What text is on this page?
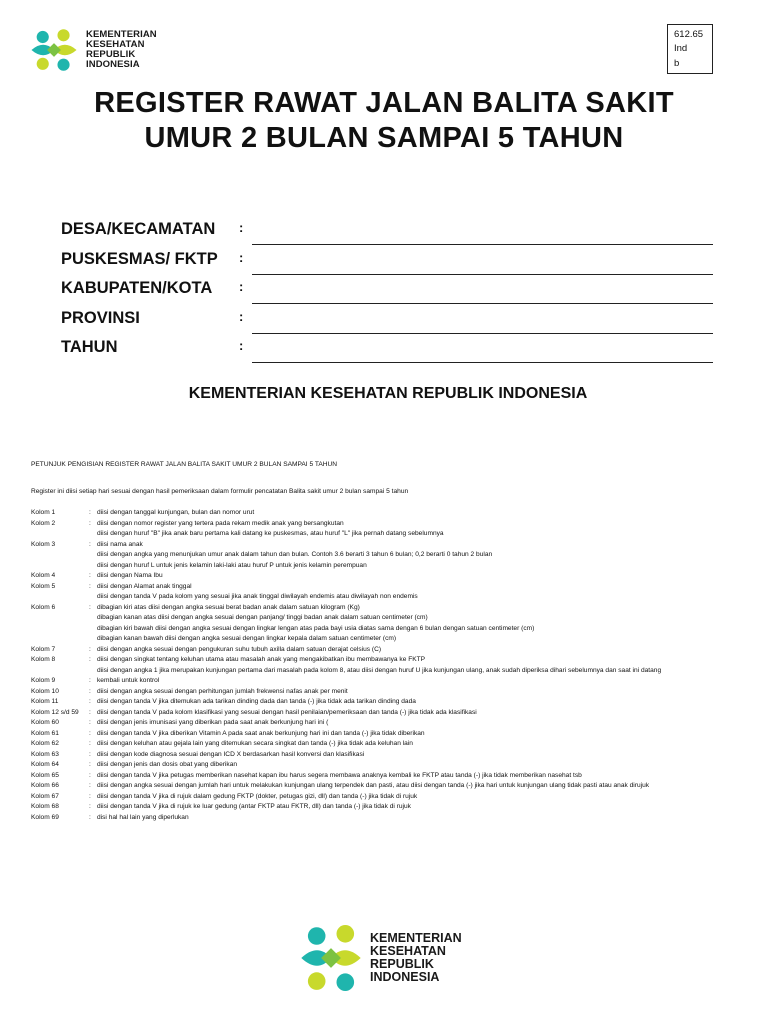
KEMENTERIAN
KESEHATAN
REPUBLIK
INDONESIA
612.65
Ind
b
REGISTER RAWAT JALAN BALITA SAKIT
UMUR 2 BULAN SAMPAI 5 TAHUN
DESA/KECAMATAN :
PUSKESMAS/ FKTP :
KABUPATEN/KOTA :
PROVINSI	:
TAHUN	:
KEMENTERIAN KESEHATAN REPUBLIK INDONESIA
PETUNJUK PENGISIAN REGISTER RAWAT JALAN BALITA SAKIT UMUR 2 BULAN SAMPAI 5 TAHUN
Register ini diisi setiap hari sesuai dengan hasil pemeriksaan dalam formulir pencatatan Balita sakit umur 2 bulan sampai 5 tahun
Kolom 1	: diisi dengan tanggal kunjungan, bulan dan nomor urut
Kolom 2	: diisi dengan nomor register yang tertera pada rekam medik anak yang bersangkutan
diisi dengan huruf "B" jika anak baru pertama kali datang ke puskesmas, atau huruf "L" jika pernah datang sebelumnya
Kolom 3	: diisi nama anak
diisi dengan angka yang menunjukan umur anak dalam tahun dan bulan. Contoh 3.6 berarti 3 tahun 6 bulan; 0,2 berarti 0 tahun 2 bulan
diisi dengan huruf L untuk jenis kelamin laki-laki atau huruf P untuk jenis kelamin perempuan
Kolom 4	: diisi dengan Nama Ibu
Kolom 5	: diisi dengan Alamat anak tinggal
diisi dengan tanda V pada kolom yang sesuai jika anak tinggal diwilayah endemis atau diwilayah non endemis
Kolom 6	: dibagian kiri atas diisi dengan angka sesuai berat badan anak dalam satuan kilogram (Kg)
dibagian kanan atas diisi dengan angka sesuai dengan panjang/ tinggi badan anak dalam satuan centimeter (cm)
dibagian kiri bawah diisi dengan angka sesuai dengan lingkar lengan atas pada bayi usia diatas sama dengan 6 bulan dengan satuan centimeter (cm)
dibagian kanan bawah diisi dengan angka sesuai dengan lingkar kepala dalam satuan centimeter (cm)
Kolom 7	: diisi dengan angka sesuai dengan pengukuran suhu tubuh axilla dalam satuan derajat celsius (C)
Kolom 8	: diisi dengan singkat tentang keluhan utama atau masalah anak yang mengakibatkan ibu membawanya ke FKTP
diisi dengan angka 1 jika merupakan kunjungan pertama dari masalah pada kolom 8, atau diisi dengan huruf U jika kunjungan ulang, anak sudah diperiksa dihari sebelumnya dan saat ini datang
Kolom 9	: kembali untuk kontrol
Kolom 10	: diisi dengan angka sesuai dengan perhitungan jumlah frekwensi nafas anak per menit
Kolom 11	: diisi dengan tanda V jika ditemukan ada tarikan dinding dada dan tanda (-) jika tidak ada tarikan dinding dada
Kolom 12 s/d 59 : diisi dengan tanda V pada kolom klasifikasi yang sesuai dengan hasil penilaian/pemeriksaan dan tanda (-) jika tidak ada klasifikasi
Kolom 60	: diisi dengan jenis imunisasi yang diberikan pada saat anak berkunjung hari ini (
Kolom 61	: diisi dengan tanda V jika diberikan Vitamin A pada saat anak berkunjung hari ini dan tanda (-) jika tidak diberikan
Kolom 62	: diisi dengan keluhan atau gejala lain yang ditemukan secara singkat dan tanda (-) jika tidak ada keluhan lain
Kolom 63	: diisi dengan kode diagnosa sesuai dengan ICD X berdasarkan hasil konversi dan klasifikasi
Kolom 64	: diisi dengan jenis dan dosis obat yang diberikan
Kolom 65	: diisi dengan tanda V jika petugas memberikan nasehat kapan ibu harus segera membawa anaknya kembali ke FKTP atau tanda (-) jika tidak memberikan nasehat tsb
Kolom 66	: diisi dengan angka sesuai dengan jumlah hari untuk melakukan kunjungan ulang terpendek dan pasti, atau diisi dengan tanda (-) jika hari untuk kunjungan ulang tidak pasti atau anak dirujuk
Kolom 67	: diisi dengan tanda V jika di rujuk dalam gedung FKTP (dokter, petugas gizi, dll) dan tanda (-) jika tidak di rujuk
Kolom 68	: diisi dengan tanda V jika di rujuk ke luar gedung (antar FKTP atau FKTR, dll) dan tanda (-) jika tidak di rujuk
Kolom 69	: disi hal hal lain yang diperlukan
KEMENTERIAN
KESEHATAN
REPUBLIK
INDONESIA
